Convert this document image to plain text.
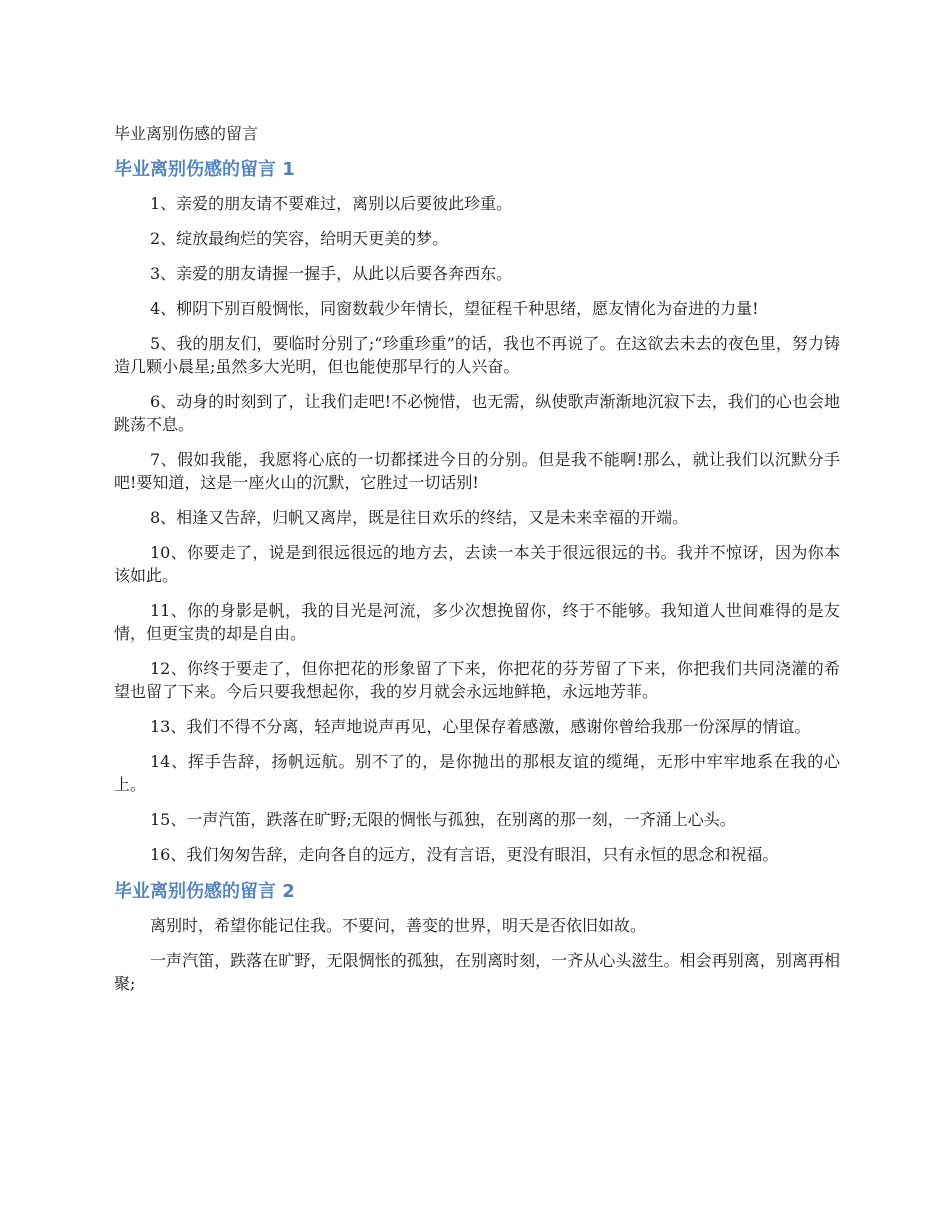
毕业离别伤感的留言
毕业离别伤感的留言 1

1、亲爱的朋友请不要难过，离别以后要彼此珍重。

2、绽放最绚烂的笑容，给明天更美的梦。

3、亲爱的朋友请握一握手，从此以后要各奔西东。

4、柳阴下别百般惆怅，同窗数载少年情长，望征程千种思绪，愿友情化为奋进的力量!

5、我的朋友们，要临时分别了;“珍重珍重”的话，我也不再说了。在这欲去未去的夜色里，努力铸造几颗小晨星;虽然多大光明，但也能使那早行的人兴奋。

6、动身的时刻到了，让我们走吧!不必惋惜，也无需，纵使歌声渐渐地沉寂下去，我们的心也会地跳荡不息。

7、假如我能，我愿将心底的一切都揉进今日的分别。但是我不能啊!那么，就让我们以沉默分手吧!要知道，这是一座火山的沉默，它胜过一切话别!

8、相逢又告辞，归帆又离岸，既是往日欢乐的终结，又是未来幸福的开端。

10、你要走了，说是到很远很远的地方去，去读一本关于很远很远的书。我并不惊讶，因为你本该如此。

11、你的身影是帆，我的目光是河流，多少次想挽留你，终于不能够。我知道人世间难得的是友情，但更宝贵的却是自由。

12、你终于要走了，但你把花的形象留了下来，你把花的芬芳留了下来，你把我们共同浇灌的希望也留了下来。今后只要我想起你，我的岁月就会永远地鲜艳，永远地芳菲。

13、我们不得不分离，轻声地说声再见，心里保存着感激，感谢你曾给我那一份深厚的情谊。

14、挥手告辞，扬帆远航。别不了的，是你抛出的那根友谊的缆绳，无形中牢牢地系在我的心上。

15、一声汽笛，跌落在旷野;无限的惆怅与孤独，在别离的那一刻，一齐涌上心头。

16、我们匆匆告辞，走向各自的远方，没有言语，更没有眼泪，只有永恒的思念和祝福。

毕业离别伤感的留言 2

离别时，希望你能记住我。不要问，善变的世界，明天是否依旧如故。

一声汽笛，跌落在旷野，无限惆怅的孤独，在别离时刻，一齐从心头滋生。相会再别离，别离再相聚;
